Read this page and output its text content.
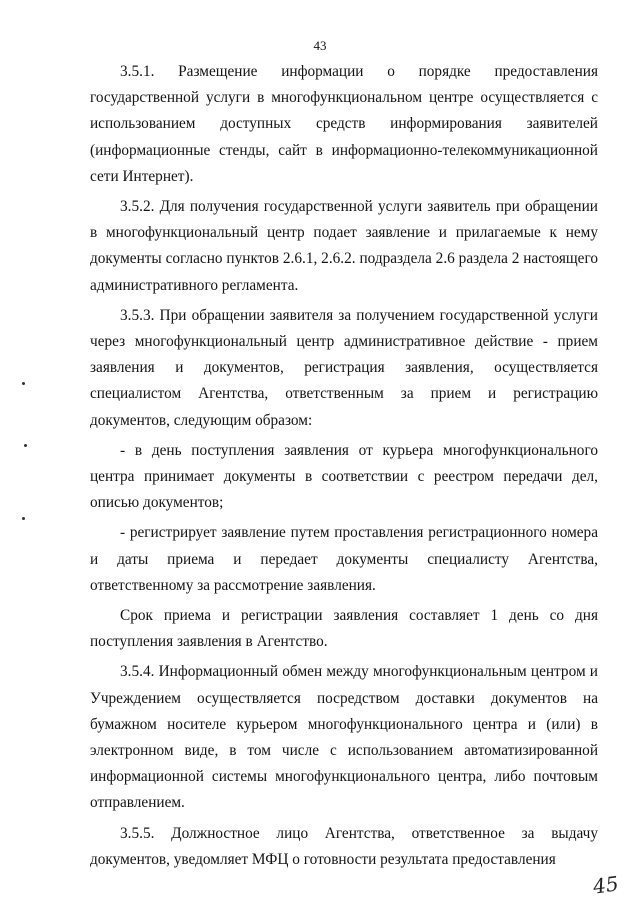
43

3.5.1. Размещение информации о порядке предоставления государственной услуги в многофункциональном центре осуществляется с использованием доступных средств информирования заявителей (информационные стенды, сайт в информационно-телекоммуникационной сети Интернет).

3.5.2. Для получения государственной услуги заявитель при обращении в многофункциональный центр подает заявление и прилагаемые к нему документы согласно пунктов 2.6.1, 2.6.2. подраздела 2.6 раздела 2 настоящего административного регламента.

3.5.3. При обращении заявителя за получением государственной услуги через многофункциональный центр административное действие - прием заявления и документов, регистрация заявления, осуществляется специалистом Агентства, ответственным за прием и регистрацию документов, следующим образом:

- в день поступления заявления от курьера многофункционального центра принимает документы в соответствии с реестром передачи дел, описью документов;

- регистрирует заявление путем проставления регистрационного номера и даты приема и передает документы специалисту Агентства, ответственному за рассмотрение заявления.

Срок приема и регистрации заявления составляет 1 день со дня поступления заявления в Агентство.

3.5.4. Информационный обмен между многофункциональным центром и Учреждением осуществляется посредством доставки документов на бумажном носителе курьером многофункционального центра и (или) в электронном виде, в том числе с использованием автоматизированной информационной системы многофункционального центра, либо почтовым отправлением.

3.5.5. Должностное лицо Агентства, ответственное за выдачу документов, уведомляет МФЦ о готовности результата предоставления

45
